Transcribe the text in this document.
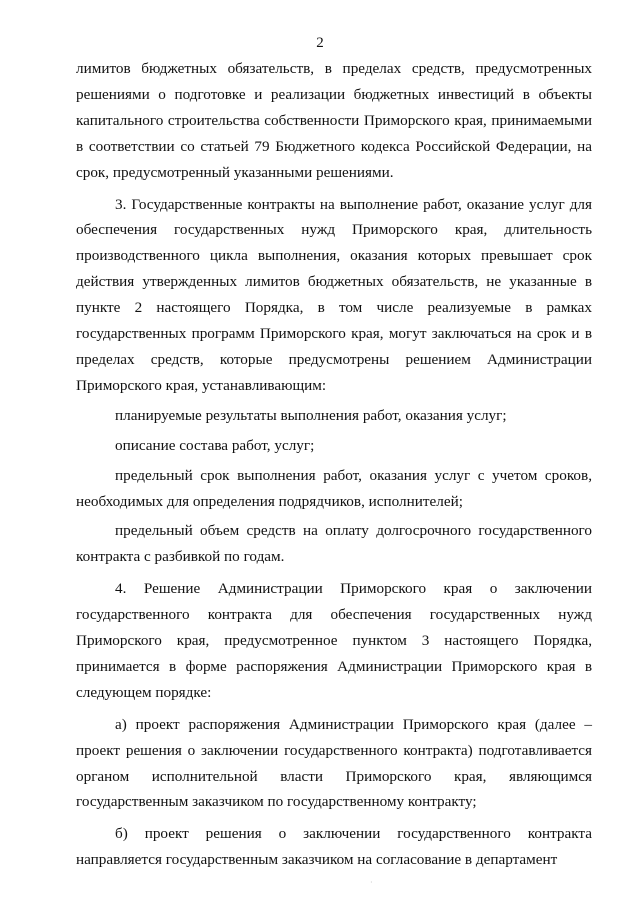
2

лимитов бюджетных обязательств, в пределах средств, предусмотренных решениями о подготовке и реализации бюджетных инвестиций в объекты капитального строительства собственности Приморского края, принимаемыми в соответствии со статьей 79 Бюджетного кодекса Российской Федерации, на срок, предусмотренный указанными решениями.

3. Государственные контракты на выполнение работ, оказание услуг для обеспечения государственных нужд Приморского края, длительность производственного цикла выполнения, оказания которых превышает срок действия утвержденных лимитов бюджетных обязательств, не указанные в пункте 2 настоящего Порядка, в том числе реализуемые в рамках государственных программ Приморского края, могут заключаться на срок и в пределах средств, которые предусмотрены решением Администрации Приморского края, устанавливающим:

планируемые результаты выполнения работ, оказания услуг;

описание состава работ, услуг;

предельный срок выполнения работ, оказания услуг с учетом сроков, необходимых для определения подрядчиков, исполнителей;

предельный объем средств на оплату долгосрочного государственного контракта с разбивкой по годам.

4. Решение Администрации Приморского края о заключении государственного контракта для обеспечения государственных нужд Приморского края, предусмотренное пунктом 3 настоящего Порядка, принимается в форме распоряжения Администрации Приморского края в следующем порядке:

а) проект распоряжения Администрации Приморского края (далее – проект решения о заключении государственного контракта) подготавливается органом исполнительной власти Приморского края, являющимся государственным заказчиком по государственному контракту;

б) проект решения о заключении государственного контракта направляется государственным заказчиком на согласование в департамент

·
